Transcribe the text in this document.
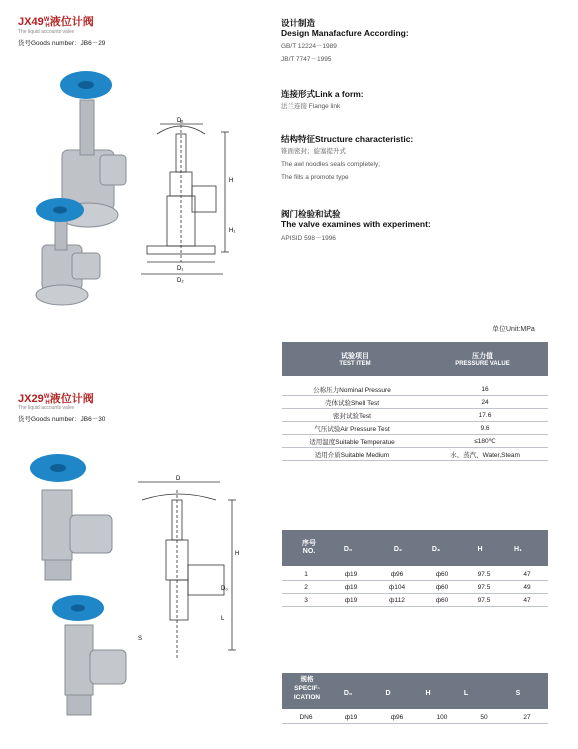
$JX49^W_H$液位计阀
The liquid accounts valve
货号Goods number：JB6－29
D₁
H
H₁
D₁
D₂
设计制造
Design Manafacfure According:
GB/T 12224－1989
JB/T 7747－1995
连接形式Link a form:
法兰连接 Flange link
结构特征Structure characteristic:
锥面密封；旋塞提升式
The awl noodles seals completely;
The fills a promote type
阀门检验和试验
The valve examines with experiment:
APISID 598－1996
单位Unit:MPa
试验项目
TEST ITEM
压力值
PRESSURE VALUE
公称压力Nominal Pressure	16
壳体试验Shell Test	24
密封试验Test	17.6
气压试验Air Pressure Test	9.6
适用温度Suitable Temperatue	≤180℃
适用介质Suitable Medium	水、蒸汽、Water,Steam
$JX29^W_H$液位计阀
The liquid accounts valve
货号Goods number：JB6－30
D
H
D₀
L
S
序号
NO.	D₀	D₂	D₃	H	H₁
1	ф19	ф96	ф60	97.5	47
2	ф19	ф104	ф60	97.5	49
3	ф19	ф112	ф60	97.5	47
规格
SPECIF-
ICATION
D₀	D	H	L	S
DN6	ф19	ф96	100	50	27
